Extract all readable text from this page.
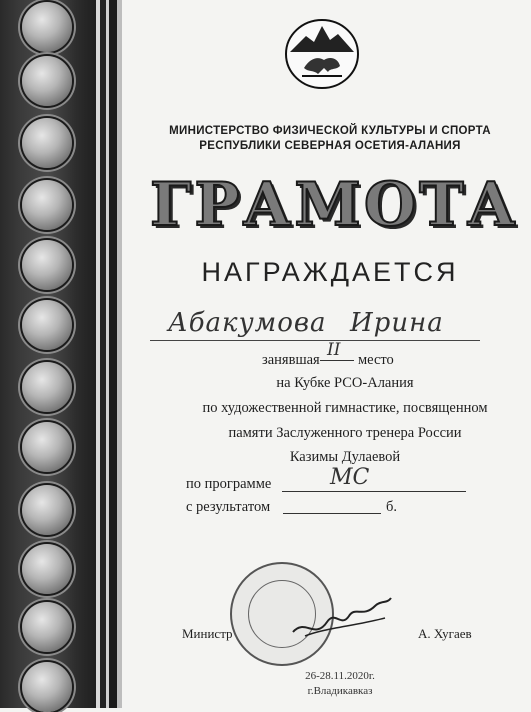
МИНИСТЕРСТВО ФИЗИЧЕСКОЙ КУЛЬТУРЫ И СПОРТА
РЕСПУБЛИКИ СЕВЕРНАЯ ОСЕТИЯ-АЛАНИЯ
ГРАМОТА
НАГРАЖДАЕТСЯ
Абакумова Ирина
занявшая II место
на Кубке РСО-Алания
по художественной гимнастике, посвященном
памяти Заслуженного тренера России
Казимы Дулаевой
по программе	МС
с результатом	б.
Министр	А. Хугаев
26-28.11.2020г.
г.Владикавказ
